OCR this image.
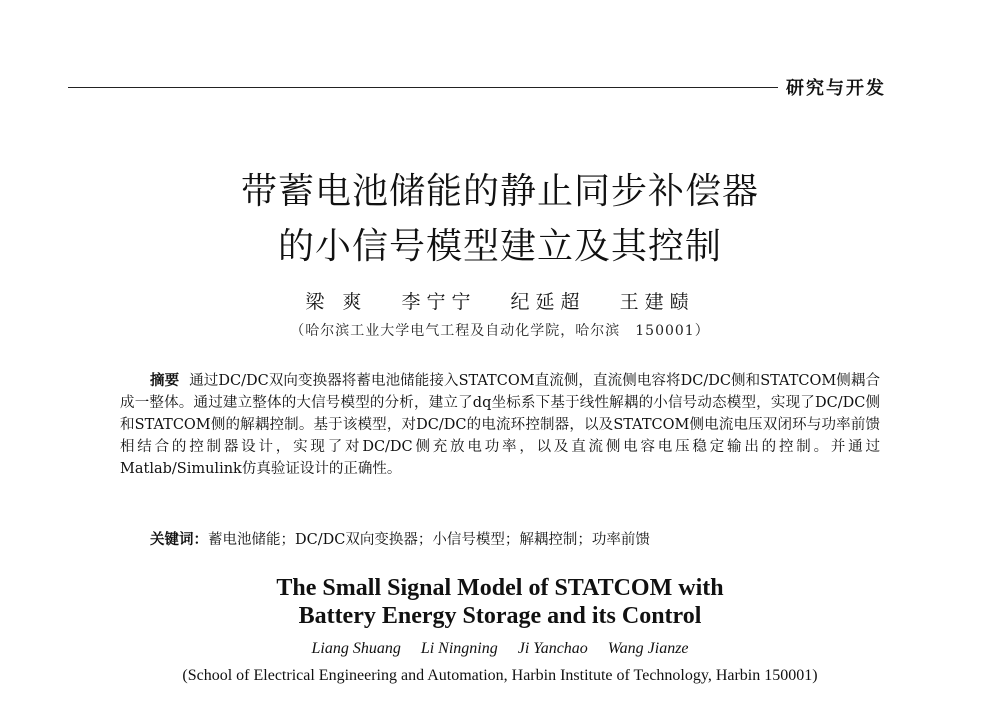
研究与开发
带蓄电池储能的静止同步补偿器
的小信号模型建立及其控制
梁 爽 李宁宁 纪延超 王建赜
（哈尔滨工业大学电气工程及自动化学院，哈尔滨　150001）
摘要 通过DC/DC双向变换器将蓄电池储能接入STATCOM直流侧，直流侧电容将DC/DC侧和STATCOM侧耦合成一整体。通过建立整体的大信号模型的分析，建立了dq坐标系下基于线性解耦的小信号动态模型，实现了DC/DC侧和STATCOM侧的解耦控制。基于该模型，对DC/DC的电流环控制器，以及STATCOM侧电流电压双闭环与功率前馈相结合的控制器设计，实现了对DC/DC侧充放电功率，以及直流侧电容电压稳定输出的控制。并通过Matlab/Simulink仿真验证设计的正确性。
关键词：蓄电池储能；DC/DC双向变换器；小信号模型；解耦控制；功率前馈
The Small Signal Model of STATCOM with
Battery Energy Storage and its Control
Liang Shuang Li Ningning Ji Yanchao Wang Jianze
(School of Electrical Engineering and Automation, Harbin Institute of Technology, Harbin 150001)
